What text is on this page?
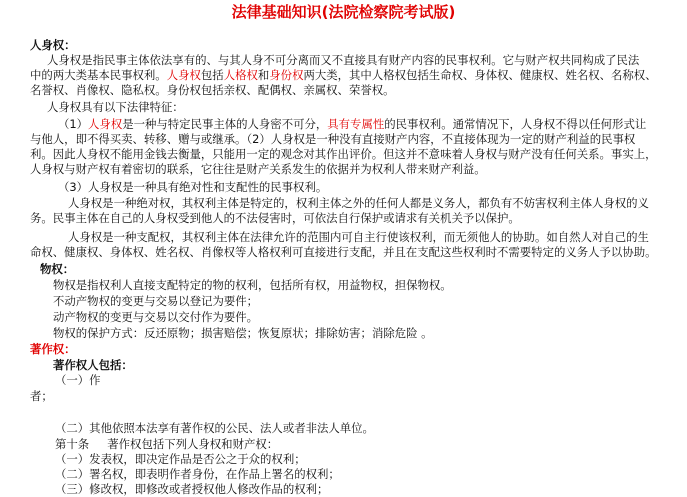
法律基础知识(法院检察院考试版)
人身权：
人身权是指民事主体依法享有的、与其人身不可分离而又不直接具有财产内容的民事权利。它与财产权共同构成了民法
中的两大类基本民事权利。人身权包括人格权和身份权两大类，其中人格权包括生命权、身体权、健康权、姓名权、名称权、
名誉权、肖像权、隐私权。身份权包括亲权、配偶权、亲属权、荣誉权。
人身权具有以下法律特征：
（1）人身权是一种与特定民事主体的人身密不可分，具有专属性的民事权利。通常情况下，人身权不得以任何形式让
与他人，即不得买卖、转移、赠与或继承。（2）人身权是一种没有直接财产内容，不直接体现为一定的财产利益的民事权
利。因此人身权不能用金钱去衡量，只能用一定的观念对其作出评价。但这并不意味着人身权与财产没有任何关系。事实上，
人身权与财产权有着密切的联系，它往往是财产关系发生的依据并为权利人带来财产利益。
（3）人身权是一种具有绝对性和支配性的民事权利。
人身权是一种绝对权，其权利主体是特定的，权利主体之外的任何人都是义务人，都负有不妨害权利主体人身权的义
务。民事主体在自己的人身权受到他人的不法侵害时，可依法自行保护或请求有关机关予以保护。
人身权是一种支配权，其权利主体在法律允许的范围内可自主行使该权利，而无须他人的协助。如自然人对自己的生
命权、健康权、身体权、姓名权、肖像权等人格权利可直接进行支配，并且在支配这些权利时不需要特定的义务人予以协助。
物权：
物权是指权利人直接支配特定的物的权利，包括所有权，用益物权，担保物权。
不动产物权的变更与交易以登记为要件；
动产物权的变更与交易以交付作为要件。
物权的保护方式：反还原物；损害赔偿；恢复原状；排除妨害；消除危险 。
著作权：
著作权人包括：
（一）作
者；
（二）其他依照本法享有著作权的公民、法人或者非法人单位。
第十条     著作权包括下列人身权和财产权：
（一）发表权，即决定作品是否公之于众的权利；
（二）署名权，即表明作者身份，在作品上署名的权利；
（三）修改权，即修改或者授权他人修改作品的权利；
